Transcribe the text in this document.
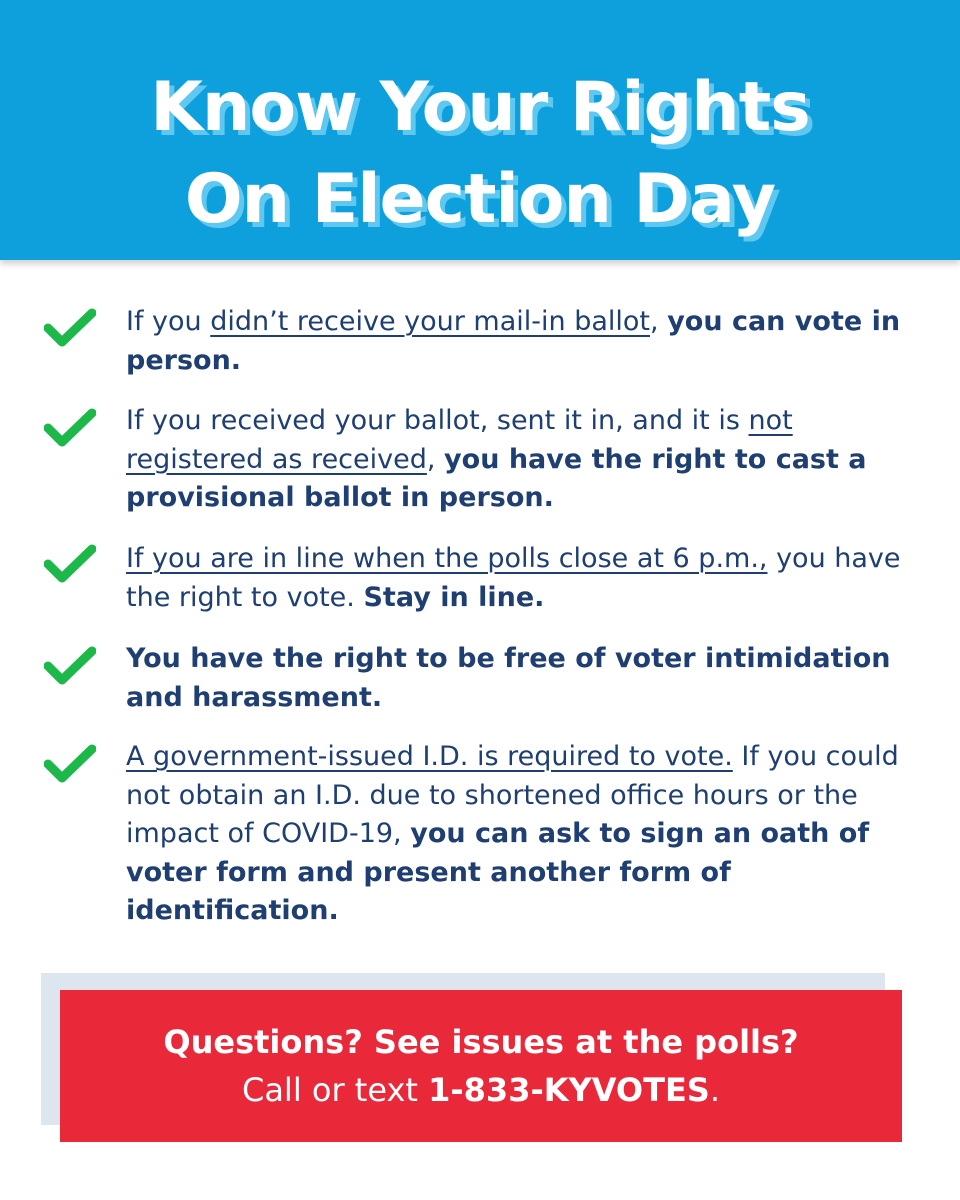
Know Your Rights
On Election Day
If you didn’t receive your mail-in ballot, you can vote in person.
If you received your ballot, sent it in, and it is not registered as received, you have the right to cast a provisional ballot in person.
If you are in line when the polls close at 6 p.m., you have the right to vote. Stay in line.
You have the right to be free of voter intimidation and harassment.
A government-issued I.D. is required to vote. If you could not obtain an I.D. due to shortened office hours or the impact of COVID-19, you can ask to sign an oath of voter form and present another form of identification.
Questions? See issues at the polls?
Call or text 1-833-KYVOTES.
